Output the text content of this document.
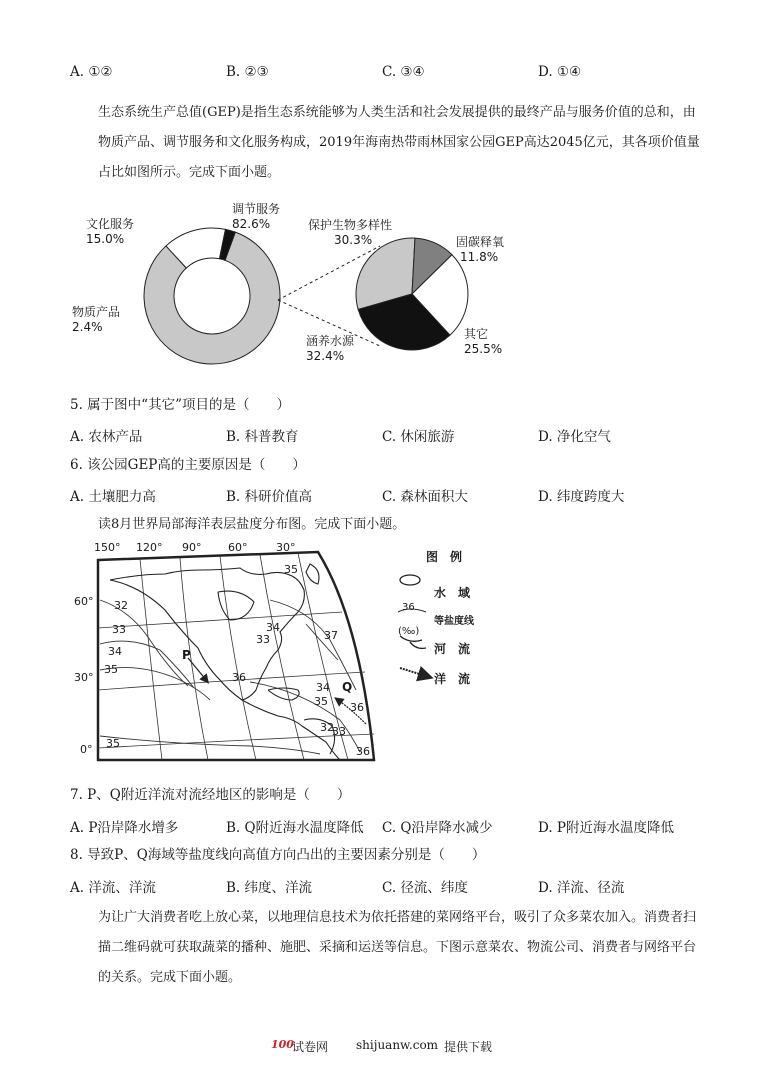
A. ①②	B. ②③	C. ③④	D. ①④
生态系统生产总值(GEP)是指生态系统能够为人类生活和社会发展提供的最终产品与服务价值的总和，由物质产品、调节服务和文化服务构成，2019年海南热带雨林国家公园GEP高达2045亿元，其各项价值量占比如图所示。完成下面小题。
调节服务
82.6%
文化服务
15.0%
物质产品
2.4%
保护生物多样性
30.3%	固碳释氧
11.8%
其它
25.5%
涵养水源
32.4%
5. 属于图中“其它”项目的是（　　）
A. 农林产品	B. 科普教育	C. 休闲旅游	D. 净化空气
6. 该公园GEP高的主要原因是（　　）
A. 土壤肥力高	B. 科研价值高	C. 森林面积大	D. 纬度跨度大
读8月世界局部海洋表层盐度分布图。完成下面小题。
150° 120° 90° 60°	30°
60°
30°
0°
35
32
33
34
35
33	37
34
36
34
35 36
35
32
33
36
P
Q
图　例
36
(‰)
水　域
等盐度线
河　流
洋　流
7. P、Q附近洋流对流经地区的影响是（　　）
A. P沿岸降水增多	B. Q附近海水温度降低 C. Q沿岸降水减少	D. P附近海水温度降低
8. 导致P、Q海域等盐度线向高值方向凸出的主要因素分别是（　　）
A. 洋流、洋流	B. 纬度、洋流	C. 径流、纬度	D. 洋流、径流
为让广大消费者吃上放心菜，以地理信息技术为依托搭建的菜网络平台，吸引了众多菜农加入。消费者扫描二维码就可获取蔬菜的播种、施肥、采摘和运送等信息。下图示意菜农、物流公司、消费者与网络平台的关系。完成下面小题。
100
试卷网 shijuanw.com 提供下载
